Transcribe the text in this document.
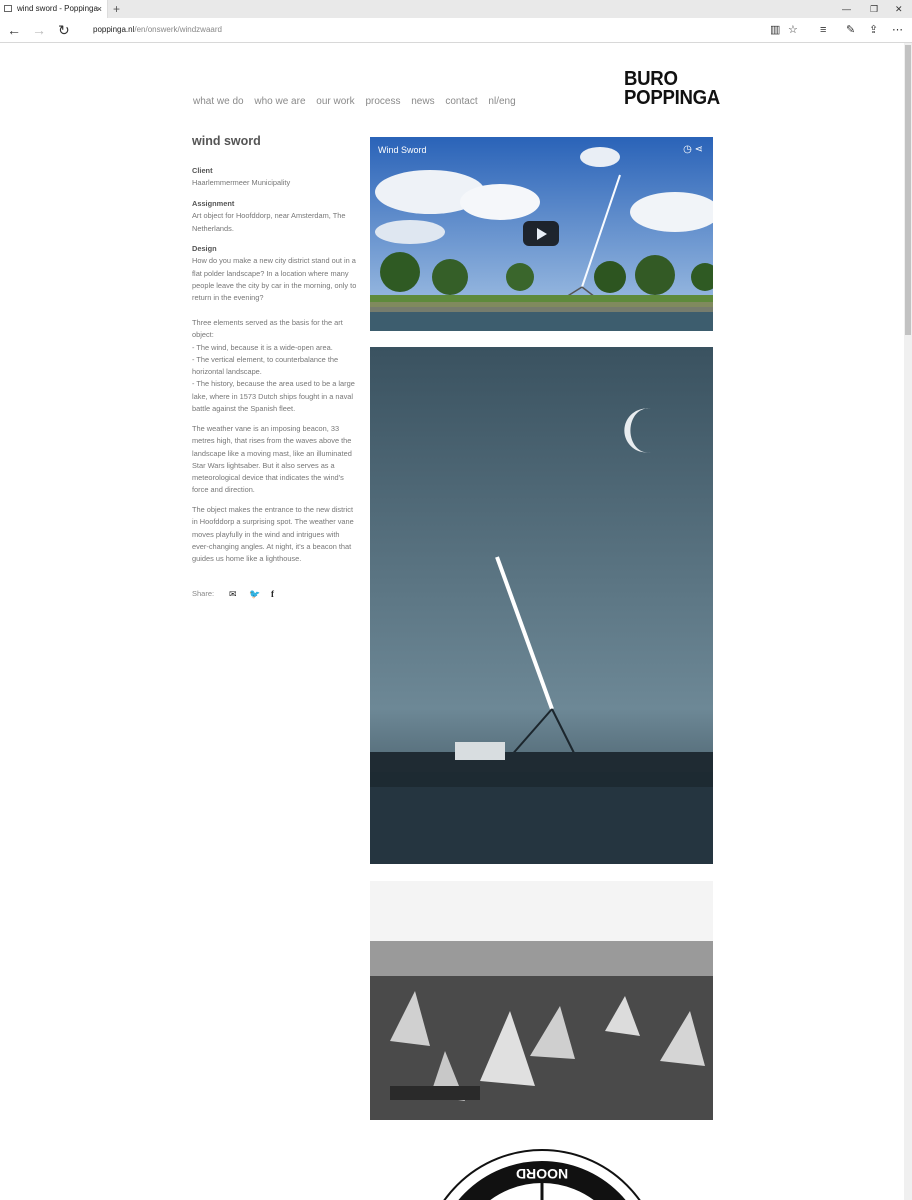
wind sword - Poppinga
× +	— ❐ ✕
← → ↻	poppinga.nl/en/onswerk/windzwaard	▥ ☆ ≡ ✎ ⇪ ⋯
what we do who we are our work process news contact nl/eng
BURO
POPPINGA
wind sword
Client
Haarlemmermeer Municipality
Assignment
Art object for Hoofddorp, near Amsterdam, The Netherlands.
Design
How do you make a new city district stand out in a flat polder landscape? In a location where many people leave the city by car in the morning, only to return in the evening?
Three elements served as the basis for the art object:
- The wind, because it is a wide-open area.
- The vertical element, to counterbalance the horizontal landscape.
- The history, because the area used to be a large lake, where in 1573 Dutch ships fought in a naval battle against the Spanish fleet.
The weather vane is an imposing beacon, 33 metres high, that rises from the waves above the landscape like a moving mast, like an illuminated Star Wars lightsaber. But it also serves as a meteorological device that indicates the wind's force and direction.
The object makes the entrance to the new district in Hoofddorp a surprising spot. The weather vane moves playfully in the wind and intrigues with ever-changing angles. At night, it's a beacon that guides us home like a lighthouse.
Share: ✉ 🐦 f
Wind Sword	◷ ⋖
NOORD
